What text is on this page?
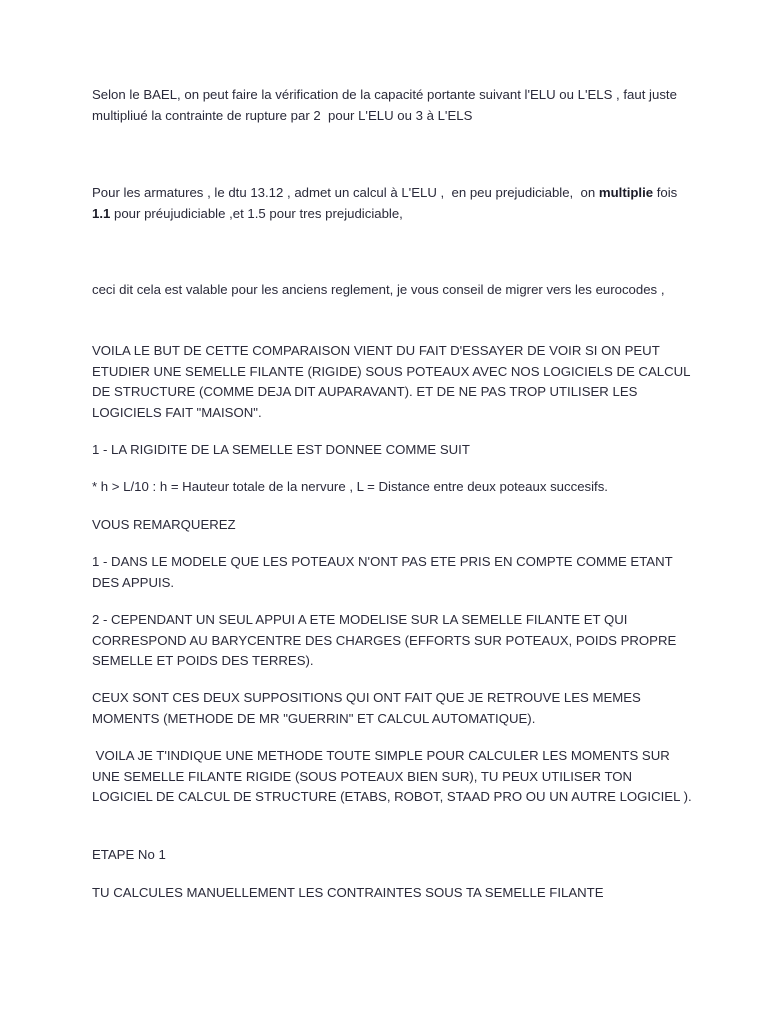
Selon le BAEL, on peut faire la vérification de la capacité portante suivant l'ELU ou L'ELS , faut juste multipliué la contrainte de rupture par 2  pour L'ELU ou 3 à L'ELS

Pour les armatures , le dtu 13.12 , admet un calcul à L'ELU ,  en peu prejudiciable,  on multiplie fois 1.1 pour préujudiciable ,et 1.5 pour tres prejudiciable,

ceci dit cela est valable pour les anciens reglement, je vous conseil de migrer vers les eurocodes ,

VOILA LE BUT DE CETTE COMPARAISON VIENT DU FAIT D'ESSAYER DE VOIR SI ON PEUT ETUDIER UNE SEMELLE FILANTE (RIGIDE) SOUS POTEAUX AVEC NOS LOGICIELS DE CALCUL DE STRUCTURE (COMME DEJA DIT AUPARAVANT). ET DE NE PAS TROP UTILISER LES LOGICIELS FAIT "MAISON".

1 - LA RIGIDITE DE LA SEMELLE EST DONNEE COMME SUIT

* h > L/10 : h = Hauteur totale de la nervure , L = Distance entre deux poteaux succesifs.

VOUS REMARQUEREZ

1 - DANS LE MODELE QUE LES POTEAUX N'ONT PAS ETE PRIS EN COMPTE COMME ETANT DES APPUIS.

2 - CEPENDANT UN SEUL APPUI A ETE MODELISE SUR LA SEMELLE FILANTE ET QUI CORRESPOND AU BARYCENTRE DES CHARGES (EFFORTS SUR POTEAUX, POIDS PROPRE SEMELLE ET POIDS DES TERRES).

CEUX SONT CES DEUX SUPPOSITIONS QUI ONT FAIT QUE JE RETROUVE LES MEMES MOMENTS (METHODE DE MR "GUERRIN" ET CALCUL AUTOMATIQUE).

VOILA JE T'INDIQUE UNE METHODE TOUTE SIMPLE POUR CALCULER LES MOMENTS SUR UNE SEMELLE FILANTE RIGIDE (SOUS POTEAUX BIEN SUR), TU PEUX UTILISER TON LOGICIEL DE CALCUL DE STRUCTURE (ETABS, ROBOT, STAAD PRO OU UN AUTRE LOGICIEL ).

ETAPE No 1

TU CALCULES MANUELLEMENT LES CONTRAINTES SOUS TA SEMELLE FILANTE
